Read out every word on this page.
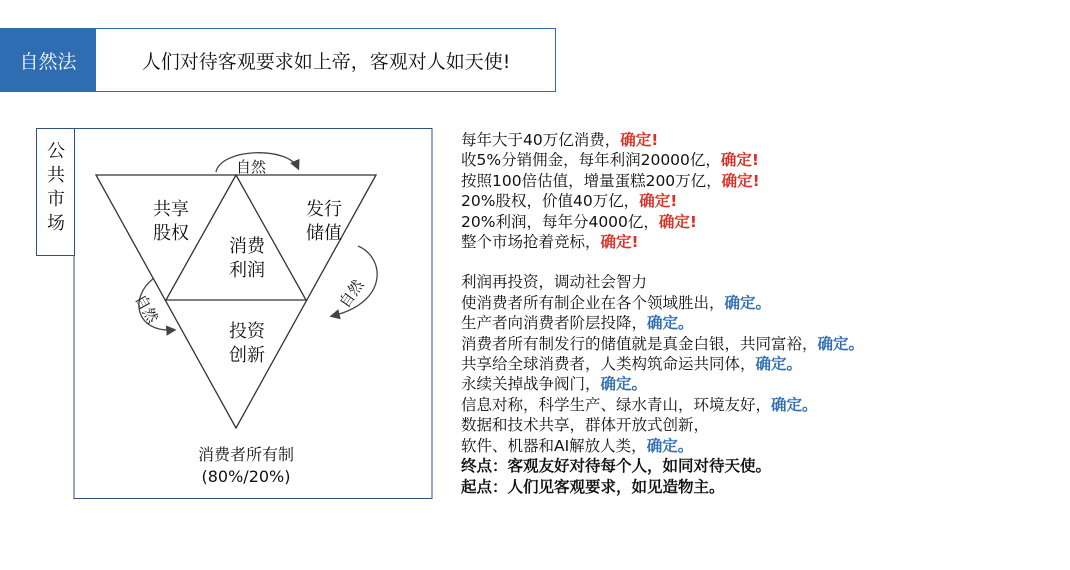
自然法	人们对待客观要求如上帝，客观对人如天使!
公共市场
自然
自然	自然
共享
股权
发行
储值
消费
利润
投资
创新
消费者所有制
(80%/20%)
每年大于40万亿消费，确定!
收5%分销佣金，每年利润20000亿，确定!
按照100倍估值，增量蛋糕200万亿，确定!
20%股权，价值40万亿，确定!
20%利润，每年分4000亿，确定!
整个市场抢着竞标，确定!
利润再投资，调动社会智力
使消费者所有制企业在各个领域胜出，确定。
生产者向消费者阶层投降，确定。
消费者所有制发行的储值就是真金白银，共同富裕，确定。
共享给全球消费者，人类构筑命运共同体，确定。
永续关掉战争阀门，确定。
信息对称，科学生产、绿水青山，环境友好，确定。
数据和技术共享，群体开放式创新，
软件、机器和AI解放人类，确定。
终点：客观友好对待每个人，如同对待天使。
起点：人们见客观要求，如见造物主。
